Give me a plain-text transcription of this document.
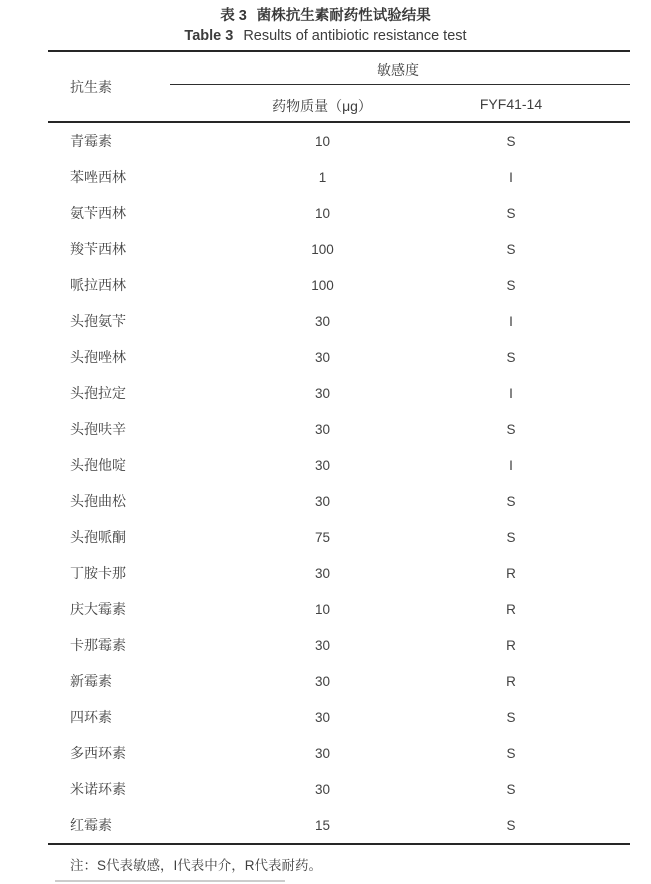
表 3 菌株抗生素耐药性试验结果
Table 3 Results of antibiotic resistance test
抗生素
敏感度
药物质量（μg）	FYF41-14
青霉素	10	S
苯唑西林	1	I
氨苄西林	10	S
羧苄西林	100	S
哌拉西林	100	S
头孢氨苄	30	I
头孢唑林	30	S
头孢拉定	30	I
头孢呋辛	30	S
头孢他啶	30	I
头孢曲松	30	S
头孢哌酮	75	S
丁胺卡那	30	R
庆大霉素	10	R
卡那霉素	30	R
新霉素	30	R
四环素	30	S
多西环素	30	S
米诺环素	30	S
红霉素	15	S
注：S代表敏感，I代表中介，R代表耐药。
